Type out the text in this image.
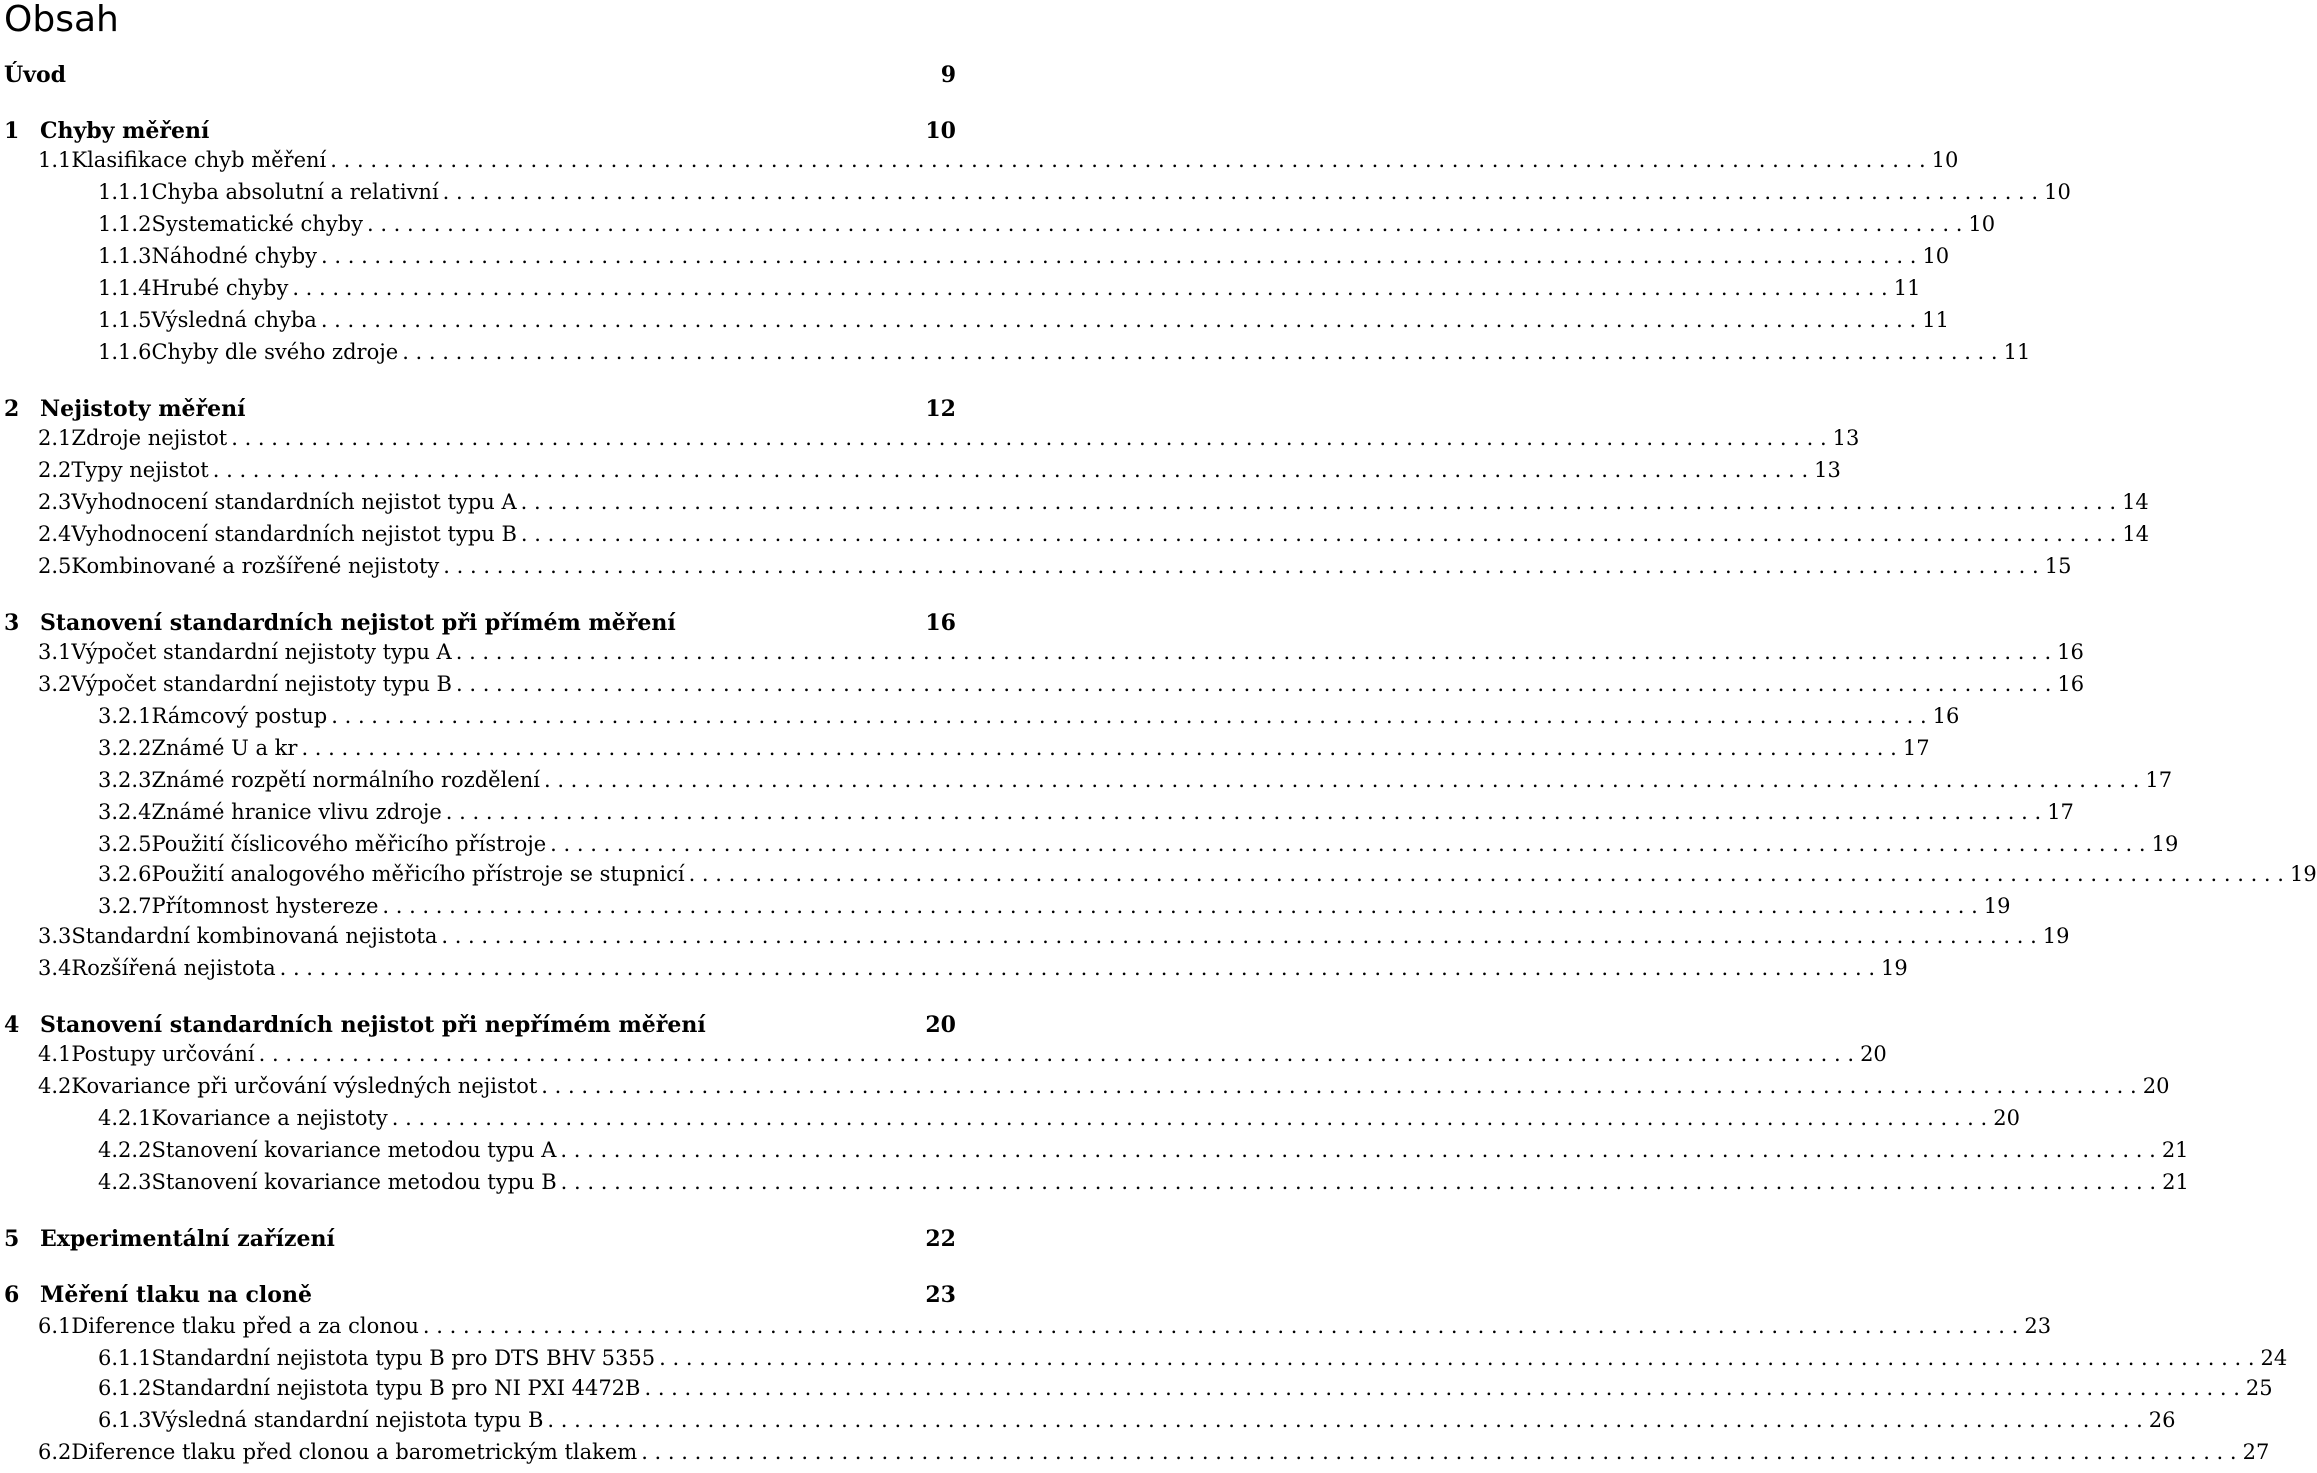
Obsah
Úvod	9
1 Chyby měření	10
1.1 Klasifikace chyb měření . . . . . . . . . . . . . . . . . . . . . . . . . . . . . . . . . . . . . . . . . . . . . . . . . . . . . . . . . . . . . . . . . . . . . . . . . . . . . . . . . . . . . . . . . . . . . . . . . . . . . . . . . . . . . . . . . . . . . . . . 10
1.1.1 Chyba absolutní a relativní . . . . . . . . . . . . . . . . . . . . . . . . . . . . . . . . . . . . . . . . . . . . . . . . . . . . . . . . . . . . . . . . . . . . . . . . . . . . . . . . . . . . . . . . . . . . . . . . . . . . . . . . . . . . . . . . . . . . . . . . 10
1.1.2 Systematické chyby . . . . . . . . . . . . . . . . . . . . . . . . . . . . . . . . . . . . . . . . . . . . . . . . . . . . . . . . . . . . . . . . . . . . . . . . . . . . . . . . . . . . . . . . . . . . . . . . . . . . . . . . . . . . . . . . . . . . . . . . 10
1.1.3 Náhodné chyby . . . . . . . . . . . . . . . . . . . . . . . . . . . . . . . . . . . . . . . . . . . . . . . . . . . . . . . . . . . . . . . . . . . . . . . . . . . . . . . . . . . . . . . . . . . . . . . . . . . . . . . . . . . . . . . . . . . . . . . . 10
1.1.4 Hrubé chyby . . . . . . . . . . . . . . . . . . . . . . . . . . . . . . . . . . . . . . . . . . . . . . . . . . . . . . . . . . . . . . . . . . . . . . . . . . . . . . . . . . . . . . . . . . . . . . . . . . . . . . . . . . . . . . . . . . . . . . . . 11
1.1.5 Výsledná chyba . . . . . . . . . . . . . . . . . . . . . . . . . . . . . . . . . . . . . . . . . . . . . . . . . . . . . . . . . . . . . . . . . . . . . . . . . . . . . . . . . . . . . . . . . . . . . . . . . . . . . . . . . . . . . . . . . . . . . . . . 11
1.1.6 Chyby dle svého zdroje . . . . . . . . . . . . . . . . . . . . . . . . . . . . . . . . . . . . . . . . . . . . . . . . . . . . . . . . . . . . . . . . . . . . . . . . . . . . . . . . . . . . . . . . . . . . . . . . . . . . . . . . . . . . . . . . . . . . . . . . 11
2 Nejistoty měření	12
2.1 Zdroje nejistot . . . . . . . . . . . . . . . . . . . . . . . . . . . . . . . . . . . . . . . . . . . . . . . . . . . . . . . . . . . . . . . . . . . . . . . . . . . . . . . . . . . . . . . . . . . . . . . . . . . . . . . . . . . . . . . . . . . . . . . . 13
2.2 Typy nejistot . . . . . . . . . . . . . . . . . . . . . . . . . . . . . . . . . . . . . . . . . . . . . . . . . . . . . . . . . . . . . . . . . . . . . . . . . . . . . . . . . . . . . . . . . . . . . . . . . . . . . . . . . . . . . . . . . . . . . . . . 13
2.3 Vyhodnocení standardních nejistot typu A . . . . . . . . . . . . . . . . . . . . . . . . . . . . . . . . . . . . . . . . . . . . . . . . . . . . . . . . . . . . . . . . . . . . . . . . . . . . . . . . . . . . . . . . . . . . . . . . . . . . . . . . . . . . . . . . . . . . . . . . 14
2.4 Vyhodnocení standardních nejistot typu B . . . . . . . . . . . . . . . . . . . . . . . . . . . . . . . . . . . . . . . . . . . . . . . . . . . . . . . . . . . . . . . . . . . . . . . . . . . . . . . . . . . . . . . . . . . . . . . . . . . . . . . . . . . . . . . . . . . . . . . . 14
2.5 Kombinované a rozšířené nejistoty . . . . . . . . . . . . . . . . . . . . . . . . . . . . . . . . . . . . . . . . . . . . . . . . . . . . . . . . . . . . . . . . . . . . . . . . . . . . . . . . . . . . . . . . . . . . . . . . . . . . . . . . . . . . . . . . . . . . . . . . 15
3 Stanovení standardních nejistot při přímém měření	16
3.1 Výpočet standardní nejistoty typu A . . . . . . . . . . . . . . . . . . . . . . . . . . . . . . . . . . . . . . . . . . . . . . . . . . . . . . . . . . . . . . . . . . . . . . . . . . . . . . . . . . . . . . . . . . . . . . . . . . . . . . . . . . . . . . . . . . . . . . . . 16
3.2 Výpočet standardní nejistoty typu B . . . . . . . . . . . . . . . . . . . . . . . . . . . . . . . . . . . . . . . . . . . . . . . . . . . . . . . . . . . . . . . . . . . . . . . . . . . . . . . . . . . . . . . . . . . . . . . . . . . . . . . . . . . . . . . . . . . . . . . . 16
3.2.1 Rámcový postup . . . . . . . . . . . . . . . . . . . . . . . . . . . . . . . . . . . . . . . . . . . . . . . . . . . . . . . . . . . . . . . . . . . . . . . . . . . . . . . . . . . . . . . . . . . . . . . . . . . . . . . . . . . . . . . . . . . . . . . . 16
3.2.2 Známé U a kr . . . . . . . . . . . . . . . . . . . . . . . . . . . . . . . . . . . . . . . . . . . . . . . . . . . . . . . . . . . . . . . . . . . . . . . . . . . . . . . . . . . . . . . . . . . . . . . . . . . . . . . . . . . . . . . . . . . . . . . . 17
3.2.3 Známé rozpětí normálního rozdělení . . . . . . . . . . . . . . . . . . . . . . . . . . . . . . . . . . . . . . . . . . . . . . . . . . . . . . . . . . . . . . . . . . . . . . . . . . . . . . . . . . . . . . . . . . . . . . . . . . . . . . . . . . . . . . . . . . . . . . . . 17
3.2.4 Známé hranice vlivu zdroje . . . . . . . . . . . . . . . . . . . . . . . . . . . . . . . . . . . . . . . . . . . . . . . . . . . . . . . . . . . . . . . . . . . . . . . . . . . . . . . . . . . . . . . . . . . . . . . . . . . . . . . . . . . . . . . . . . . . . . . . 17
3.2.5 Použití číslicového měřicího přístroje . . . . . . . . . . . . . . . . . . . . . . . . . . . . . . . . . . . . . . . . . . . . . . . . . . . . . . . . . . . . . . . . . . . . . . . . . . . . . . . . . . . . . . . . . . . . . . . . . . . . . . . . . . . . . . . . . . . . . . . . 19
3.2.6 Použití analogového měřicího přístroje se stupnicí . . . . . . . . . . . . . . . . . . . . . . . . . . . . . . . . . . . . . . . . . . . . . . . . . . . . . . . . . . . . . . . . . . . . . . . . . . . . . . . . . . . . . . . . . . . . . . . . . . . . . . . . . . . . . . . . . . . . . . . . 19
3.2.7 Přítomnost hystereze . . . . . . . . . . . . . . . . . . . . . . . . . . . . . . . . . . . . . . . . . . . . . . . . . . . . . . . . . . . . . . . . . . . . . . . . . . . . . . . . . . . . . . . . . . . . . . . . . . . . . . . . . . . . . . . . . . . . . . . . 19
3.3 Standardní kombinovaná nejistota . . . . . . . . . . . . . . . . . . . . . . . . . . . . . . . . . . . . . . . . . . . . . . . . . . . . . . . . . . . . . . . . . . . . . . . . . . . . . . . . . . . . . . . . . . . . . . . . . . . . . . . . . . . . . . . . . . . . . . . . 19
3.4 Rozšířená nejistota . . . . . . . . . . . . . . . . . . . . . . . . . . . . . . . . . . . . . . . . . . . . . . . . . . . . . . . . . . . . . . . . . . . . . . . . . . . . . . . . . . . . . . . . . . . . . . . . . . . . . . . . . . . . . . . . . . . . . . . . 19
4 Stanovení standardních nejistot při nepřímém měření	20
4.1 Postupy určování . . . . . . . . . . . . . . . . . . . . . . . . . . . . . . . . . . . . . . . . . . . . . . . . . . . . . . . . . . . . . . . . . . . . . . . . . . . . . . . . . . . . . . . . . . . . . . . . . . . . . . . . . . . . . . . . . . . . . . . . 20
4.2 Kovariance při určování výsledných nejistot . . . . . . . . . . . . . . . . . . . . . . . . . . . . . . . . . . . . . . . . . . . . . . . . . . . . . . . . . . . . . . . . . . . . . . . . . . . . . . . . . . . . . . . . . . . . . . . . . . . . . . . . . . . . . . . . . . . . . . . . 20
4.2.1 Kovariance a nejistoty . . . . . . . . . . . . . . . . . . . . . . . . . . . . . . . . . . . . . . . . . . . . . . . . . . . . . . . . . . . . . . . . . . . . . . . . . . . . . . . . . . . . . . . . . . . . . . . . . . . . . . . . . . . . . . . . . . . . . . . . 20
4.2.2 Stanovení kovariance metodou typu A . . . . . . . . . . . . . . . . . . . . . . . . . . . . . . . . . . . . . . . . . . . . . . . . . . . . . . . . . . . . . . . . . . . . . . . . . . . . . . . . . . . . . . . . . . . . . . . . . . . . . . . . . . . . . . . . . . . . . . . . 21
4.2.3 Stanovení kovariance metodou typu B . . . . . . . . . . . . . . . . . . . . . . . . . . . . . . . . . . . . . . . . . . . . . . . . . . . . . . . . . . . . . . . . . . . . . . . . . . . . . . . . . . . . . . . . . . . . . . . . . . . . . . . . . . . . . . . . . . . . . . . . 21
5 Experimentální zařízení	22
6 Měření tlaku na cloně	23
6.1 Diference tlaku před a za clonou . . . . . . . . . . . . . . . . . . . . . . . . . . . . . . . . . . . . . . . . . . . . . . . . . . . . . . . . . . . . . . . . . . . . . . . . . . . . . . . . . . . . . . . . . . . . . . . . . . . . . . . . . . . . . . . . . . . . . . . . 23
6.1.1 Standardní nejistota typu B pro DTS BHV 5355 . . . . . . . . . . . . . . . . . . . . . . . . . . . . . . . . . . . . . . . . . . . . . . . . . . . . . . . . . . . . . . . . . . . . . . . . . . . . . . . . . . . . . . . . . . . . . . . . . . . . . . . . . . . . . . . . . . . . . . . . 24
6.1.2 Standardní nejistota typu B pro NI PXI 4472B . . . . . . . . . . . . . . . . . . . . . . . . . . . . . . . . . . . . . . . . . . . . . . . . . . . . . . . . . . . . . . . . . . . . . . . . . . . . . . . . . . . . . . . . . . . . . . . . . . . . . . . . . . . . . . . . . . . . . . . . 25
6.1.3 Výsledná standardní nejistota typu B . . . . . . . . . . . . . . . . . . . . . . . . . . . . . . . . . . . . . . . . . . . . . . . . . . . . . . . . . . . . . . . . . . . . . . . . . . . . . . . . . . . . . . . . . . . . . . . . . . . . . . . . . . . . . . . . . . . . . . . . 26
6.2 Diference tlaku před clonou a barometrickým tlakem . . . . . . . . . . . . . . . . . . . . . . . . . . . . . . . . . . . . . . . . . . . . . . . . . . . . . . . . . . . . . . . . . . . . . . . . . . . . . . . . . . . . . . . . . . . . . . . . . . . . . . . . . . . . . . . . . . . . . . . . 27
